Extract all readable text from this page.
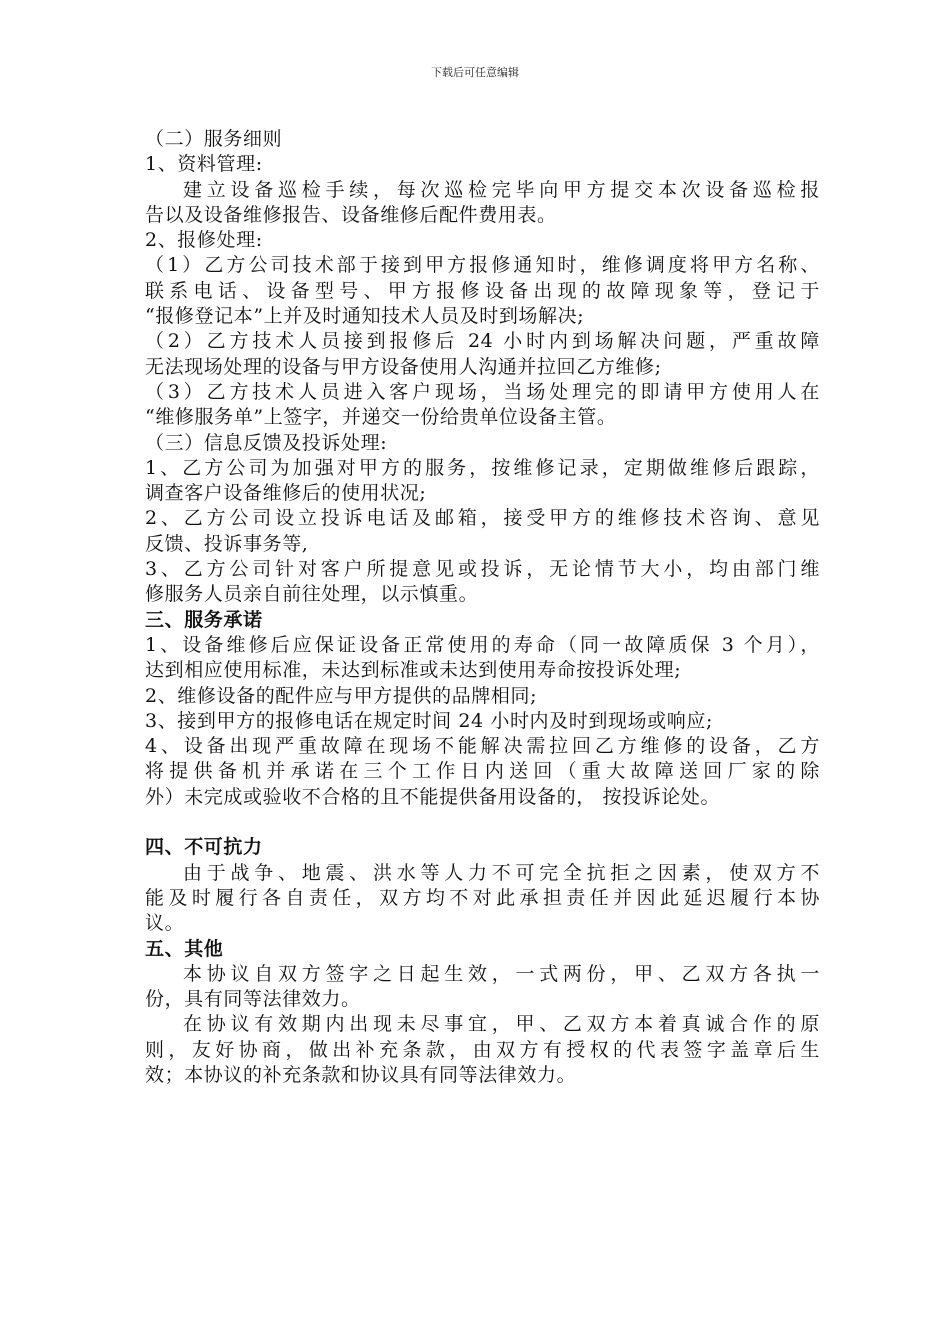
下载后可任意编辑
（二）服务细则
1、资料管理:
建立设备巡检手续，每次巡检完毕向甲方提交本次设备巡检报
告以及设备维修报告、设备维修后配件费用表。
2、报修处理:
（1）乙方公司技术部于接到甲方报修通知时，维修调度将甲方名称、
联系电话、设备型号、甲方报修设备出现的故障现象等，登记于
“报修登记本”上并及时通知技术人员及时到场解决;
（2）乙方技术人员接到报修后 24 小时内到场解决问题，严重故障
无法现场处理的设备与甲方设备使用人沟通并拉回乙方维修;
（3）乙方技术人员进入客户现场，当场处理完的即请甲方使用人在
“维修服务单”上签字，并递交一份给贵单位设备主管。
（三）信息反馈及投诉处理:
1、乙方公司为加强对甲方的服务，按维修记录，定期做维修后跟踪，
调查客户设备维修后的使用状况;
2、乙方公司设立投诉电话及邮箱，接受甲方的维修技术咨询、意见
反馈、投诉事务等,
3、乙方公司针对客户所提意见或投诉，无论情节大小，均由部门维
修服务人员亲自前往处理，以示慎重。
三、服务承诺
1、设备维修后应保证设备正常使用的寿命（同一故障质保 3 个月），
达到相应使用标准，未达到标准或未达到使用寿命按投诉处理;
2、维修设备的配件应与甲方提供的品牌相同;
3、接到甲方的报修电话在规定时间 24 小时内及时到现场或响应;
4、设备出现严重故障在现场不能解决需拉回乙方维修的设备，乙方
将提供备机并承诺在三个工作日内送回（重大故障送回厂家的除
外）未完成或验收不合格的且不能提供备用设备的， 按投诉论处。
四、不可抗力
由于战争、地震、洪水等人力不可完全抗拒之因素，使双方不
能及时履行各自责任，双方均不对此承担责任并因此延迟履行本协
议。
五、其他
本协议自双方签字之日起生效，一式两份，甲、乙双方各执一
份，具有同等法律效力。
在协议有效期内出现未尽事宜，甲、乙双方本着真诚合作的原
则，友好协商，做出补充条款，由双方有授权的代表签字盖章后生
效；本协议的补充条款和协议具有同等法律效力。
